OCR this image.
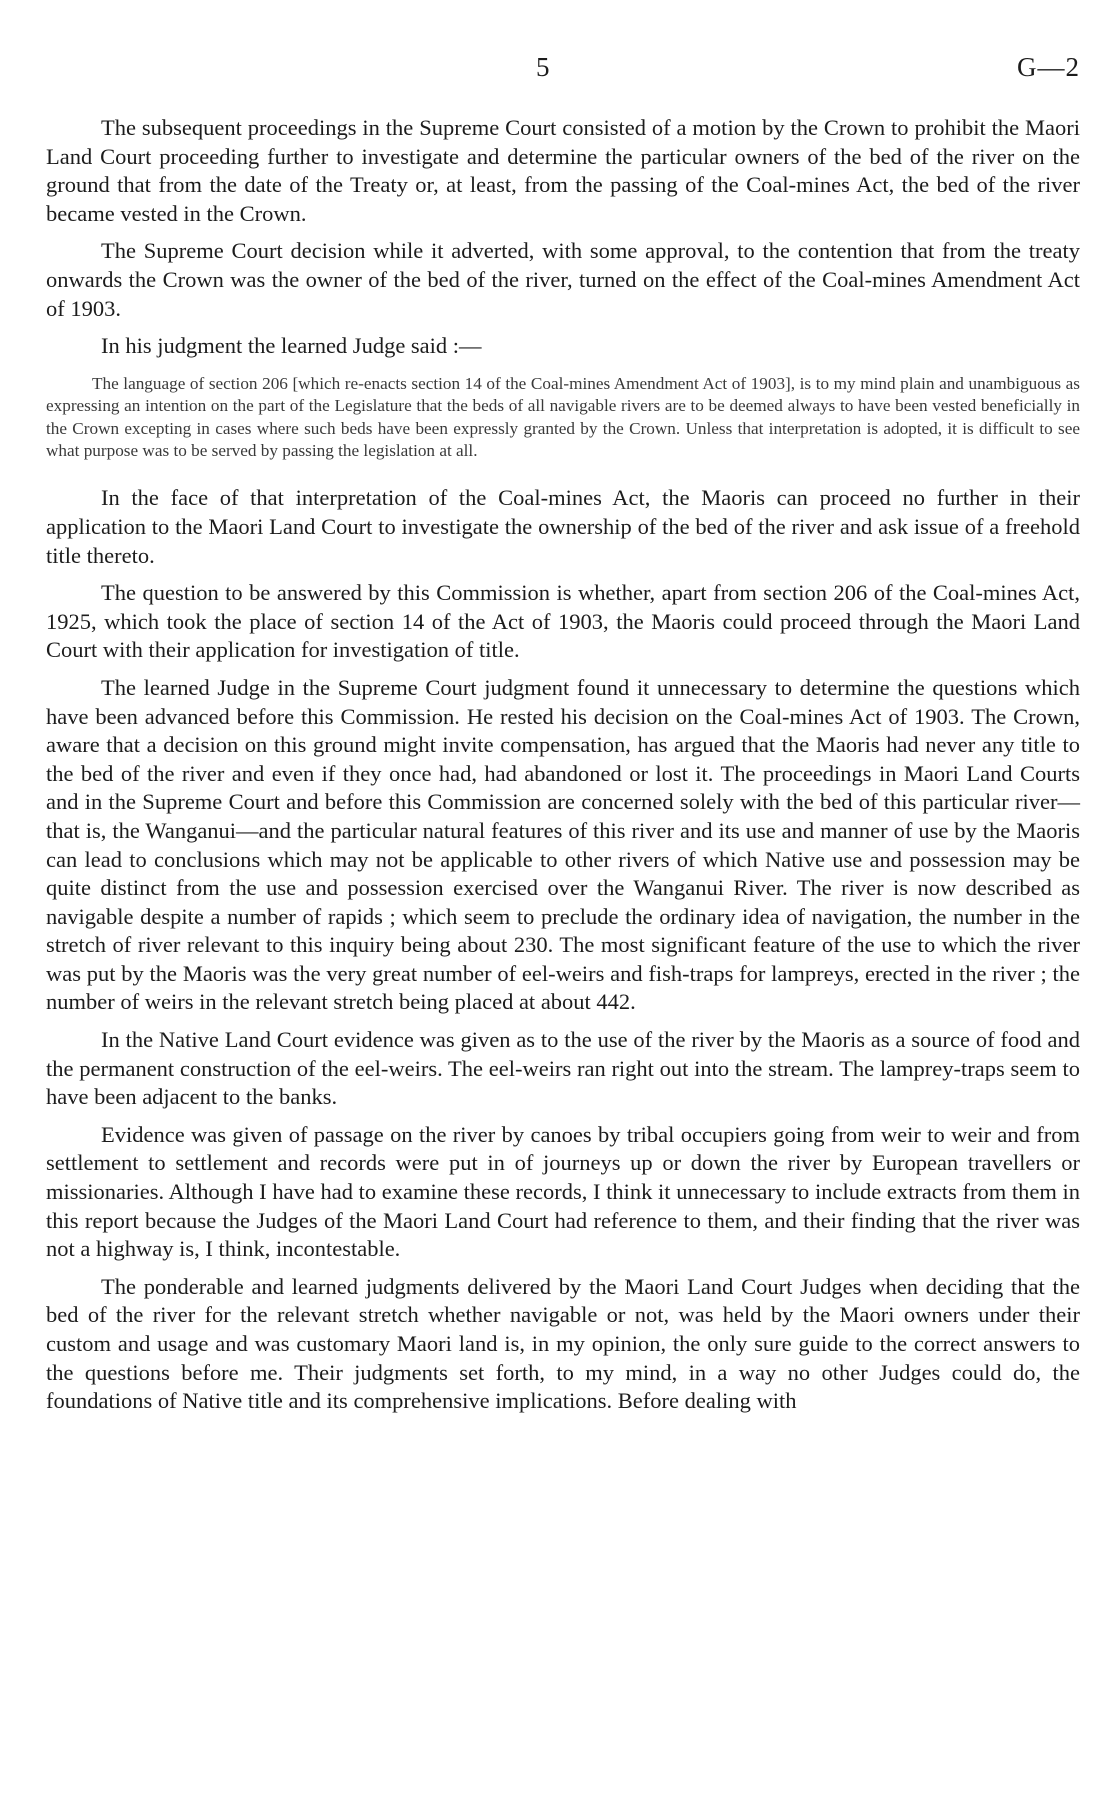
5	G—2

The subsequent proceedings in the Supreme Court consisted of a motion by the Crown to prohibit the Maori Land Court proceeding further to investigate and determine the particular owners of the bed of the river on the ground that from the date of the Treaty or, at least, from the passing of the Coal-mines Act, the bed of the river became vested in the Crown.

The Supreme Court decision while it adverted, with some approval, to the contention that from the treaty onwards the Crown was the owner of the bed of the river, turned on the effect of the Coal-mines Amendment Act of 1903.

In his judgment the learned Judge said :—

The language of section 206 [which re-enacts section 14 of the Coal-mines Amendment Act of 1903], is to my mind plain and unambiguous as expressing an intention on the part of the Legislature that the beds of all navigable rivers are to be deemed always to have been vested beneficially in the Crown excepting in cases where such beds have been expressly granted by the Crown. Unless that interpretation is adopted, it is difficult to see what purpose was to be served by passing the legislation at all.

In the face of that interpretation of the Coal-mines Act, the Maoris can proceed no further in their application to the Maori Land Court to investigate the ownership of the bed of the river and ask issue of a freehold title thereto.

The question to be answered by this Commission is whether, apart from section 206 of the Coal-mines Act, 1925, which took the place of section 14 of the Act of 1903, the Maoris could proceed through the Maori Land Court with their application for investigation of title.

The learned Judge in the Supreme Court judgment found it unnecessary to determine the questions which have been advanced before this Commission. He rested his decision on the Coal-mines Act of 1903. The Crown, aware that a decision on this ground might invite compensation, has argued that the Maoris had never any title to the bed of the river and even if they once had, had abandoned or lost it. The proceedings in Maori Land Courts and in the Supreme Court and before this Commission are concerned solely with the bed of this particular river—that is, the Wanganui—and the particular natural features of this river and its use and manner of use by the Maoris can lead to conclusions which may not be applicable to other rivers of which Native use and possession may be quite distinct from the use and possession exercised over the Wanganui River. The river is now described as navigable despite a number of rapids ; which seem to preclude the ordinary idea of navigation, the number in the stretch of river relevant to this inquiry being about 230. The most significant feature of the use to which the river was put by the Maoris was the very great number of eel-weirs and fish-traps for lampreys, erected in the river ; the number of weirs in the relevant stretch being placed at about 442.

In the Native Land Court evidence was given as to the use of the river by the Maoris as a source of food and the permanent construction of the eel-weirs. The eel-weirs ran right out into the stream. The lamprey-traps seem to have been adjacent to the banks.

Evidence was given of passage on the river by canoes by tribal occupiers going from weir to weir and from settlement to settlement and records were put in of journeys up or down the river by European travellers or missionaries. Although I have had to examine these records, I think it unnecessary to include extracts from them in this report because the Judges of the Maori Land Court had reference to them, and their finding that the river was not a highway is, I think, incontestable.

The ponderable and learned judgments delivered by the Maori Land Court Judges when deciding that the bed of the river for the relevant stretch whether navigable or not, was held by the Maori owners under their custom and usage and was customary Maori land is, in my opinion, the only sure guide to the correct answers to the questions before me. Their judgments set forth, to my mind, in a way no other Judges could do, the foundations of Native title and its comprehensive implications. Before dealing with
